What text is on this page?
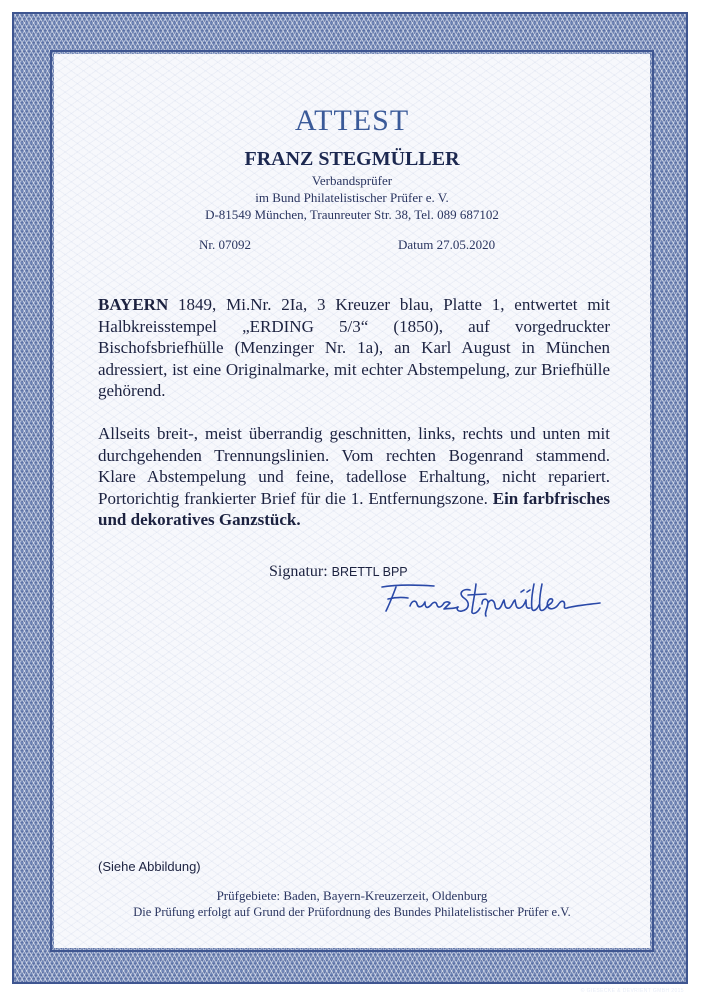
ATTEST
FRANZ STEGMÜLLER
Verbandsprüfer
im Bund Philatelistischer Prüfer e. V.
D-81549 München, Traunreuter Str. 38, Tel. 089 687102
Nr. 07092	Datum 27.05.2020
BAYERN 1849, Mi.Nr. 2Ia, 3 Kreuzer blau, Platte 1, entwertet mit Halbkreisstempel „ERDING 5/3“ (1850), auf vorgedruckter Bischofsbriefhülle (Menzinger Nr. 1a), an Karl August in München adressiert, ist eine Originalmarke, mit echter Abstempelung, zur Briefhülle gehörend.
Allseits breit-, meist überrandig geschnitten, links, rechts und unten mit durchgehenden Trennungslinien. Vom rechten Bogenrand stammend. Klare Abstempelung und feine, tadellose Erhaltung, nicht repariert. Portorichtig frankierter Brief für die 1. Entfernungszone. Ein farbfrisches und dekoratives Ganzstück.
Signatur: BRETTL BPP
(Siehe Abbildung)
Prüfgebiete: Baden, Bayern-Kreuzerzeit, Oldenburg
Die Prüfung erfolgt auf Grund der Prüfordnung des Bundes Philatelistischer Prüfer e.V.
© GIESECKE & DEVRIENT GMBH 2015
